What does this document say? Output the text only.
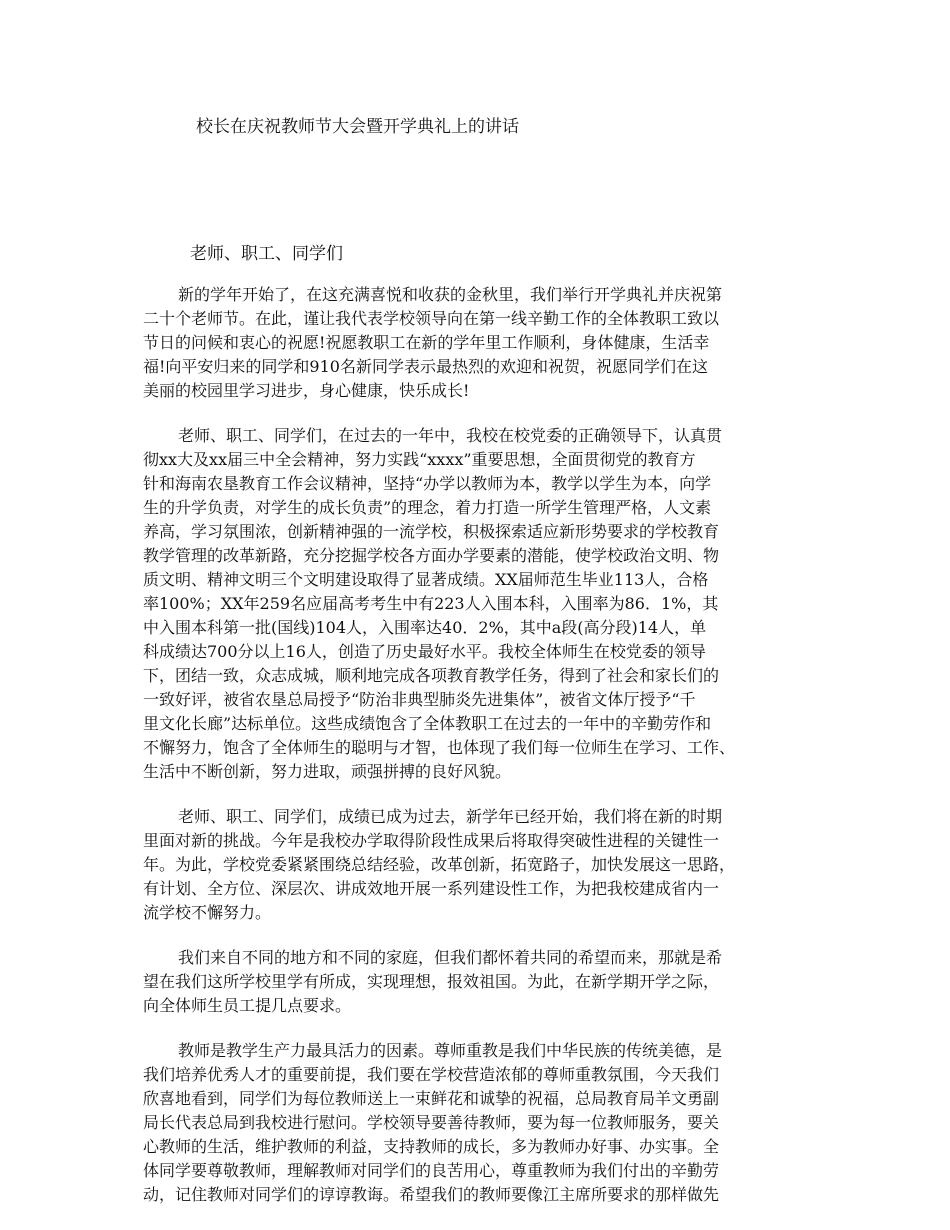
校长在庆祝教师节大会暨开学典礼上的讲话

老师、职工、同学们

新的学年开始了，在这充满喜悦和收获的金秋里，我们举行开学典礼并庆祝第
二十个老师节。在此，谨让我代表学校领导向在第一线辛勤工作的全体教职工致以
节日的问候和衷心的祝愿!祝愿教职工在新的学年里工作顺利，身体健康，生活幸
福!向平安归来的同学和910名新同学表示最热烈的欢迎和祝贺，祝愿同学们在这
美丽的校园里学习进步，身心健康，快乐成长!
老师、职工、同学们，在过去的一年中，我校在校党委的正确领导下，认真贯
彻xx大及xx届三中全会精神，努力实践“xxxx”重要思想，全面贯彻党的教育方
针和海南农垦教育工作会议精神，坚持“办学以教师为本，教学以学生为本，向学
生的升学负责，对学生的成长负责”的理念，着力打造一所学生管理严格，人文素
养高，学习氛围浓，创新精神强的一流学校，积极探索适应新形势要求的学校教育
教学管理的改革新路，充分挖掘学校各方面办学要素的潜能，使学校政治文明、物
质文明、精神文明三个文明建设取得了显著成绩。XX届师范生毕业113人，合格
率100%；XX年259名应届高考考生中有223人入围本科，入围率为86．1%，其
中入围本科第一批(国线)104人，入围率达40．2%，其中a段(高分段)14人，单
科成绩达700分以上16人，创造了历史最好水平。我校全体师生在校党委的领导
下，团结一致，众志成城，顺利地完成各项教育教学任务，得到了社会和家长们的
一致好评，被省农垦总局授予“防治非典型肺炎先进集体”，被省文体厅授予“千
里文化长廊”达标单位。这些成绩饱含了全体教职工在过去的一年中的辛勤劳作和
不懈努力，饱含了全体师生的聪明与才智，也体现了我们每一位师生在学习、工作、
生活中不断创新，努力进取，顽强拼搏的良好风貌。
老师、职工、同学们，成绩已成为过去，新学年已经开始，我们将在新的时期
里面对新的挑战。今年是我校办学取得阶段性成果后将取得突破性进程的关键性一
年。为此，学校党委紧紧围绕总结经验，改革创新，拓宽路子，加快发展这一思路，
有计划、全方位、深层次、讲成效地开展一系列建设性工作，为把我校建成省内一
流学校不懈努力。
我们来自不同的地方和不同的家庭，但我们都怀着共同的希望而来，那就是希
望在我们这所学校里学有所成，实现理想，报效祖国。为此，在新学期开学之际，
向全体师生员工提几点要求。
教师是教学生产力最具活力的因素。尊师重教是我们中华民族的传统美德，是
我们培养优秀人才的重要前提，我们要在学校营造浓郁的尊师重教氛围，今天我们
欣喜地看到，同学们为每位教师送上一束鲜花和诚挚的祝福，总局教育局羊文勇副
局长代表总局到我校进行慰问。学校领导要善待教师，要为每一位教师服务，要关
心教师的生活，维护教师的利益，支持教师的成长，多为教师办好事、办实事。全
体同学要尊敬教师，理解教师对同学们的良苦用心，尊重教师为我们付出的辛勤劳
动，记住教师对同学们的谆谆教诲。希望我们的教师要像江主席所要求的那样做先
